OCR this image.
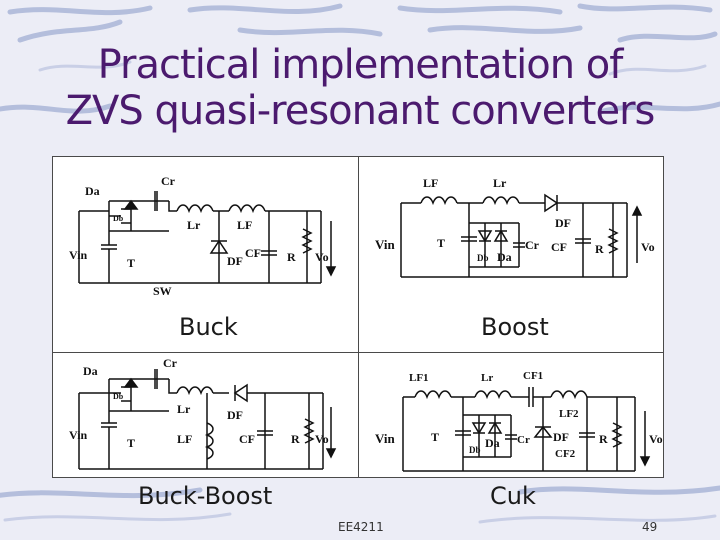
Practical implementation of
ZVS quasi-resonant converters
Da
Db
Cr
Lr	LF
Vin
T
SW
DF
CF R Vo
Buck
LF	Lr
Vin	T
Db Da
Cr
DF
CF R	Vo
Boost
Da
Db
Cr
Lr
Vin
T	LF
DF
CF	R Vo
LF1	Lr	CF1
LF2
Vin	T
Db Da Cr DF
CF2
R	Vo
Buck-Boost	Cuk
EE4211	49
